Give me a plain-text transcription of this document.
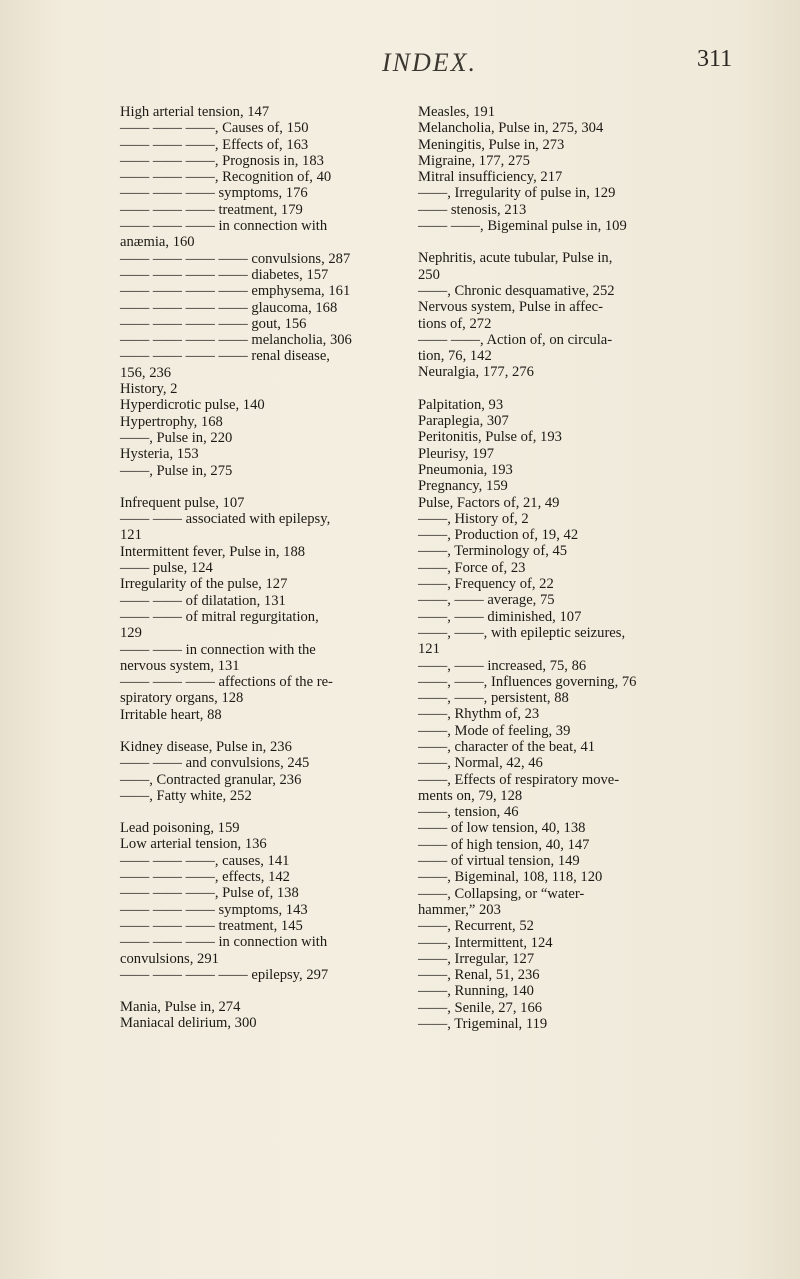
INDEX.	311
High arterial tension, 147
—— —— ——, Causes of, 150
—— —— ——, Effects of, 163
—— —— ——, Prognosis in, 183
—— —— ——, Recognition of, 40
—— —— —— symptoms, 176
—— —— —— treatment, 179
—— —— —— in connection with
anæmia, 160
—— —— —— —— convulsions, 287
—— —— —— —— diabetes, 157
—— —— —— —— emphysema, 161
—— —— —— —— glaucoma, 168
—— —— —— —— gout, 156
—— —— —— —— melancholia, 306
—— —— —— —— renal disease,
156, 236
History, 2
Hyperdicrotic pulse, 140
Hypertrophy, 168
——, Pulse in, 220
Hysteria, 153
——, Pulse in, 275
Infrequent pulse, 107
—— —— associated with epilepsy,
121
Intermittent fever, Pulse in, 188
—— pulse, 124
Irregularity of the pulse, 127
—— —— of dilatation, 131
—— —— of mitral regurgitation,
129
—— —— in connection with the
nervous system, 131
—— —— —— affections of the re-
spiratory organs, 128
Irritable heart, 88
Kidney disease, Pulse in, 236
—— —— and convulsions, 245
——, Contracted granular, 236
——, Fatty white, 252
Lead poisoning, 159
Low arterial tension, 136
—— —— ——, causes, 141
—— —— ——, effects, 142
—— —— ——, Pulse of, 138
—— —— —— symptoms, 143
—— —— —— treatment, 145
—— —— —— in connection with
convulsions, 291
—— —— —— —— epilepsy, 297
Mania, Pulse in, 274
Maniacal delirium, 300
Measles, 191
Melancholia, Pulse in, 275, 304
Meningitis, Pulse in, 273
Migraine, 177, 275
Mitral insufficiency, 217
——, Irregularity of pulse in, 129
—— stenosis, 213
—— ——, Bigeminal pulse in, 109
Nephritis, acute tubular, Pulse in,
250
——, Chronic desquamative, 252
Nervous system, Pulse in affec-
tions of, 272
—— ——, Action of, on circula-
tion, 76, 142
Neuralgia, 177, 276
Palpitation, 93
Paraplegia, 307
Peritonitis, Pulse of, 193
Pleurisy, 197
Pneumonia, 193
Pregnancy, 159
Pulse, Factors of, 21, 49
——, History of, 2
——, Production of, 19, 42
——, Terminology of, 45
——, Force of, 23
——, Frequency of, 22
——, —— average, 75
——, —— diminished, 107
——, ——, with epileptic seizures,
121
——, —— increased, 75, 86
——, ——, Influences governing, 76
——, ——, persistent, 88
——, Rhythm of, 23
——, Mode of feeling, 39
——, character of the beat, 41
——, Normal, 42, 46
——, Effects of respiratory move-
ments on, 79, 128
——, tension, 46
—— of low tension, 40, 138
—— of high tension, 40, 147
—— of virtual tension, 149
——, Bigeminal, 108, 118, 120
——, Collapsing, or “water-
hammer,” 203
——, Recurrent, 52
——, Intermittent, 124
——, Irregular, 127
——, Renal, 51, 236
——, Running, 140
——, Senile, 27, 166
——, Trigeminal, 119
